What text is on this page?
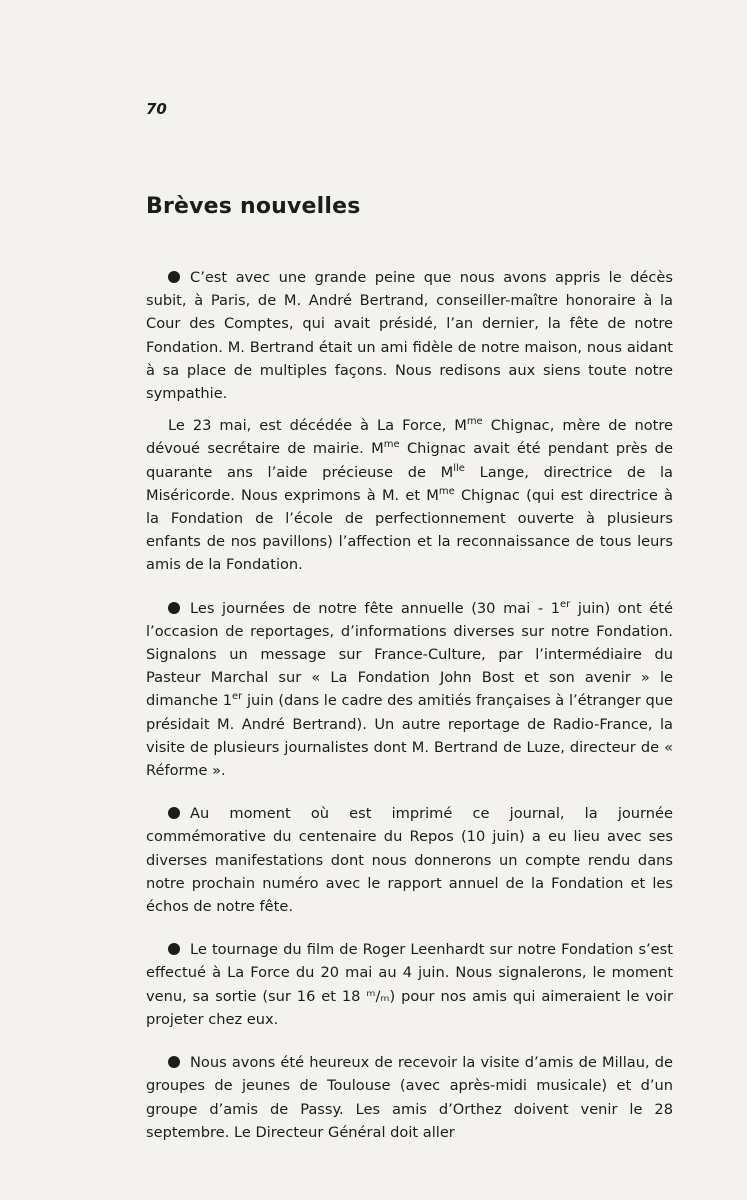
70
Brèves nouvelles

C’est avec une grande peine que nous avons appris le décès subit, à Paris, de M. André Bertrand, conseiller-maître honoraire à la Cour des Comptes, qui avait présidé, l’an dernier, la fête de notre Fondation. M. Bertrand était un ami fidèle de notre maison, nous aidant à sa place de multiples façons. Nous redisons aux siens toute notre sympathie.

Le 23 mai, est décédée à La Force, $M^{me}$ Chignac, mère de notre dévoué secrétaire de mairie. $M^{me}$ Chignac avait été pendant près de quarante ans l’aide précieuse de $M^{lle}$ Lange, directrice de la Miséricorde. Nous exprimons à M. et $M^{me}$ Chignac (qui est directrice à la Fondation de l’école de perfectionnement ouverte à plusieurs enfants de nos pavillons) l’affection et la reconnaissance de tous leurs amis de la Fondation.

Les journées de notre fête annuelle (30 mai - 1er juin) ont été l’occasion de reportages, d’informations diverses sur notre Fondation. Signalons un message sur France-Culture, par l’intermédiaire du Pasteur Marchal sur « La Fondation John Bost et son avenir » le dimanche 1er juin (dans le cadre des amitiés françaises à l’étranger que présidait M. André Bertrand). Un autre reportage de Radio-France, la visite de plusieurs journalistes dont M. Bertrand de Luze, directeur de « Réforme ».

Au moment où est imprimé ce journal, la journée commémorative du centenaire du Repos (10 juin) a eu lieu avec ses diverses manifestations dont nous donnerons un compte rendu dans notre prochain numéro avec le rapport annuel de la Fondation et les échos de notre fête.

Le tournage du film de Roger Leenhardt sur notre Fondation s’est effectué à La Force du 20 mai au 4 juin. Nous signalerons, le moment venu, sa sortie (sur 16 et 18 ᵐ/ₘ) pour nos amis qui aimeraient le voir projeter chez eux.

Nous avons été heureux de recevoir la visite d’amis de Millau, de groupes de jeunes de Toulouse (avec après-midi musicale) et d’un groupe d’amis de Passy. Les amis d’Orthez doivent venir le 28 septembre. Le Directeur Général doit aller
